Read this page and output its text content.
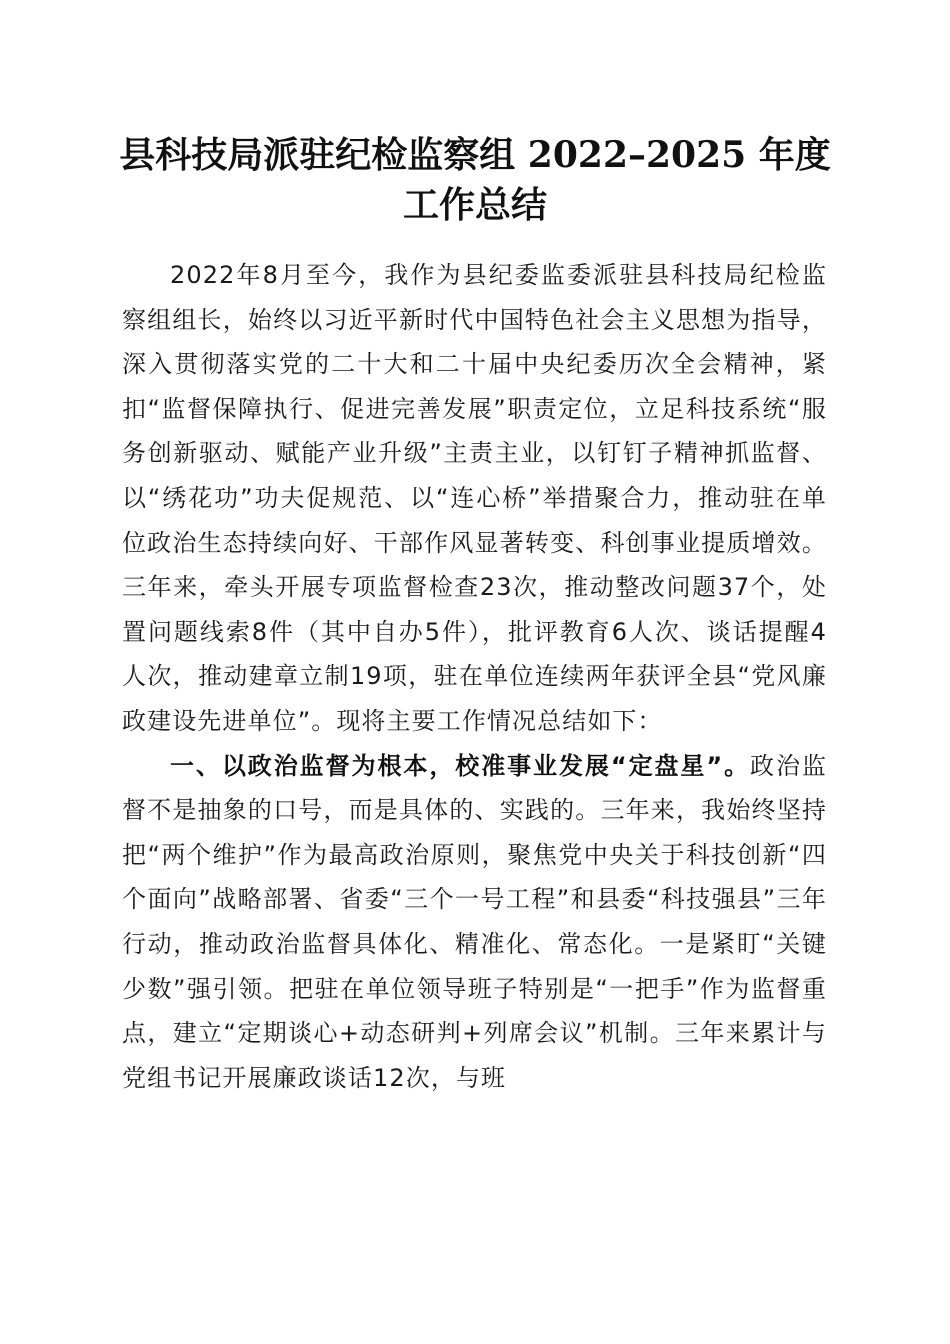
县科技局派驻纪检监察组 2022–2025 年度工作总结

2022年8月至今，我作为县纪委监委派驻县科技局纪检监察组组长，始终以习近平新时代中国特色社会主义思想为指导，深入贯彻落实党的二十大和二十届中央纪委历次全会精神，紧扣“监督保障执行、促进完善发展”职责定位，立足科技系统“服务创新驱动、赋能产业升级”主责主业，以钉钉子精神抓监督、以“绣花功”功夫促规范、以“连心桥”举措聚合力，推动驻在单位政治生态持续向好、干部作风显著转变、科创事业提质增效。三年来，牵头开展专项监督检查23次，推动整改问题37个，处置问题线索8件（其中自办5件），批评教育6人次、谈话提醒4人次，推动建章立制19项，驻在单位连续两年获评全县“党风廉政建设先进单位”。现将主要工作情况总结如下：

一、以政治监督为根本，校准事业发展“定盘星”。政治监督不是抽象的口号，而是具体的、实践的。三年来，我始终坚持把“两个维护”作为最高政治原则，聚焦党中央关于科技创新“四个面向”战略部署、省委“三个一号工程”和县委“科技强县”三年行动，推动政治监督具体化、精准化、常态化。一是紧盯“关键少数”强引领。把驻在单位领导班子特别是“一把手”作为监督重点，建立“定期谈心+动态研判+列席会议”机制。三年来累计与党组书记开展廉政谈话12次，与班
